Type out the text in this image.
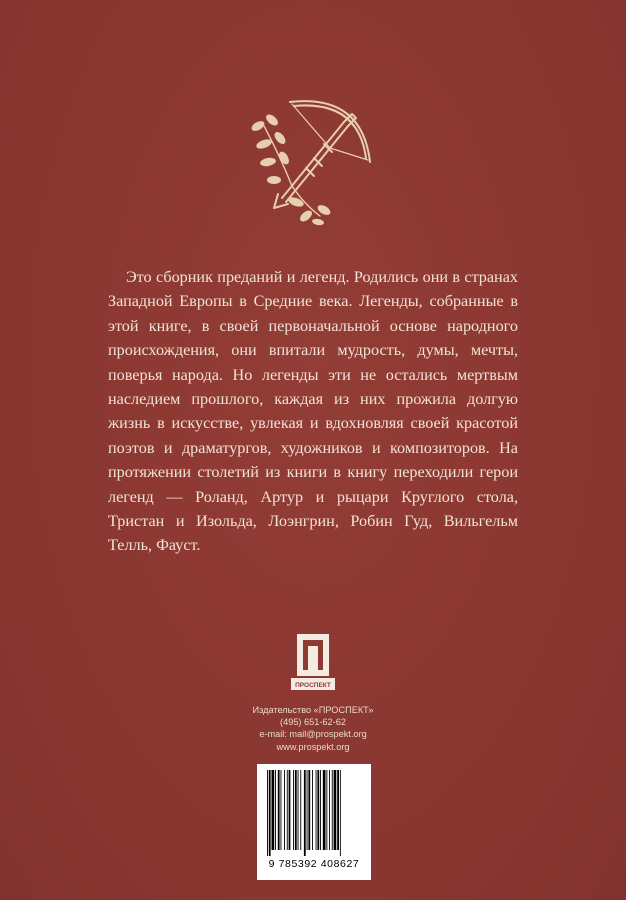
Это сборник преданий и легенд. Родились они в странах Западной Европы в Средние века. Легенды, собранные в этой книге, в своей первоначальной основе народного происхождения, они впитали мудрость, думы, мечты, поверья народа. Но легенды эти не остались мертвым наследием прошлого, каждая из них прожила долгую жизнь в искусстве, увлекая и вдохновляя своей красотой поэтов и драматургов, художников и композиторов. На протяжении столетий из книги в книгу переходили герои легенд — Роланд, Артур и рыцари Круглого стола, Тристан и Изольда, Лоэнгрин, Робин Гуд, Вильгельм Телль, Фауст.

ПРОСПЕКТ
Издательство «ПРОСПЕКТ»
(495) 651-62-62
e-mail: mail@prospekt.org
www.prospekt.org
9 785392 408627
